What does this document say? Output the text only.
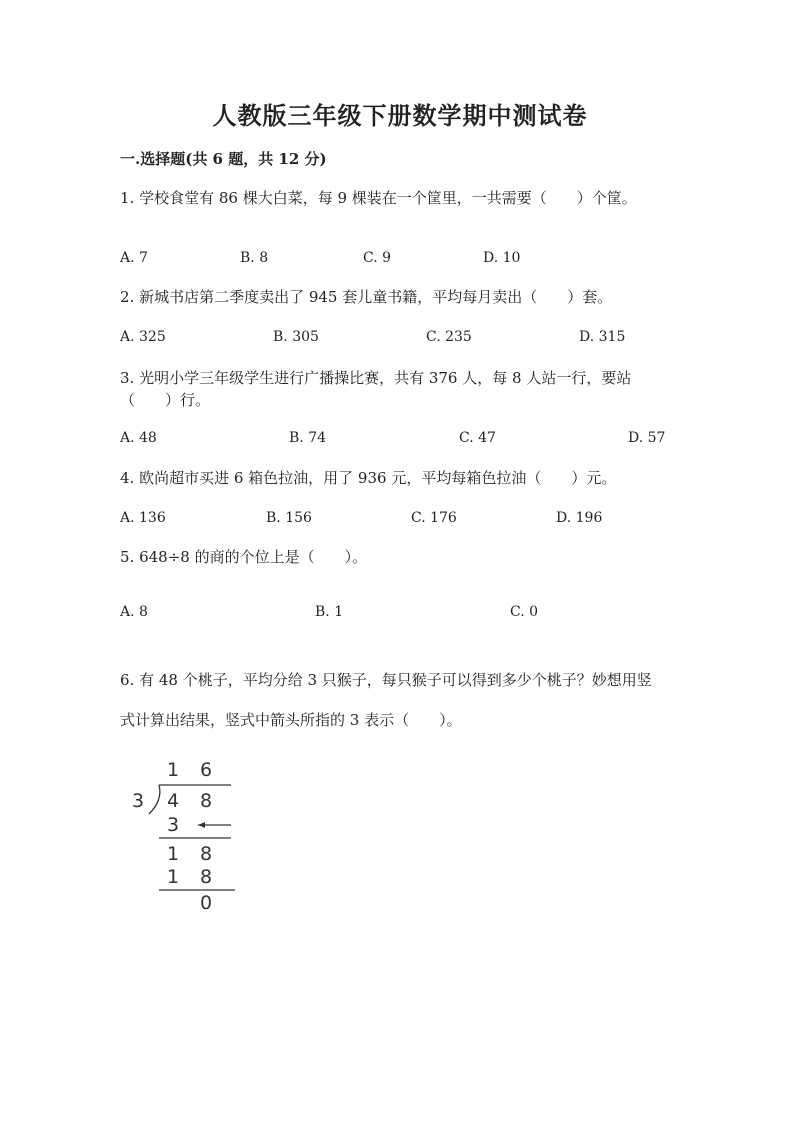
人教版三年级下册数学期中测试卷
一.选择题(共 6 题，共 12 分)
1. 学校食堂有 86 棵大白菜，每 9 棵装在一个筐里，一共需要（　　）个筐。
A. 7	B. 8	C. 9	D. 10
2. 新城书店第二季度卖出了 945 套儿童书籍，平均每月卖出（　　）套。
A. 325	B. 305	C. 235	D. 315
3. 光明小学三年级学生进行广播操比赛，共有 376 人，每 8 人站一行，要站
（　　）行。
A. 48	B. 74	C. 47	D. 57
4. 欧尚超市买进 6 箱色拉油，用了 936 元，平均每箱色拉油（　　）元。
A. 136	B. 156	C. 176	D. 196
5. 648÷8 的商的个位上是（　　）。
A. 8	B. 1	C. 0
6. 有 48 个桃子，平均分给 3 只猴子，每只猴子可以得到多少个桃子？妙想用竖
式计算出结果，竖式中箭头所指的 3 表示（　　）。
1 6
3 4 8
3
1 8
1 8
0
